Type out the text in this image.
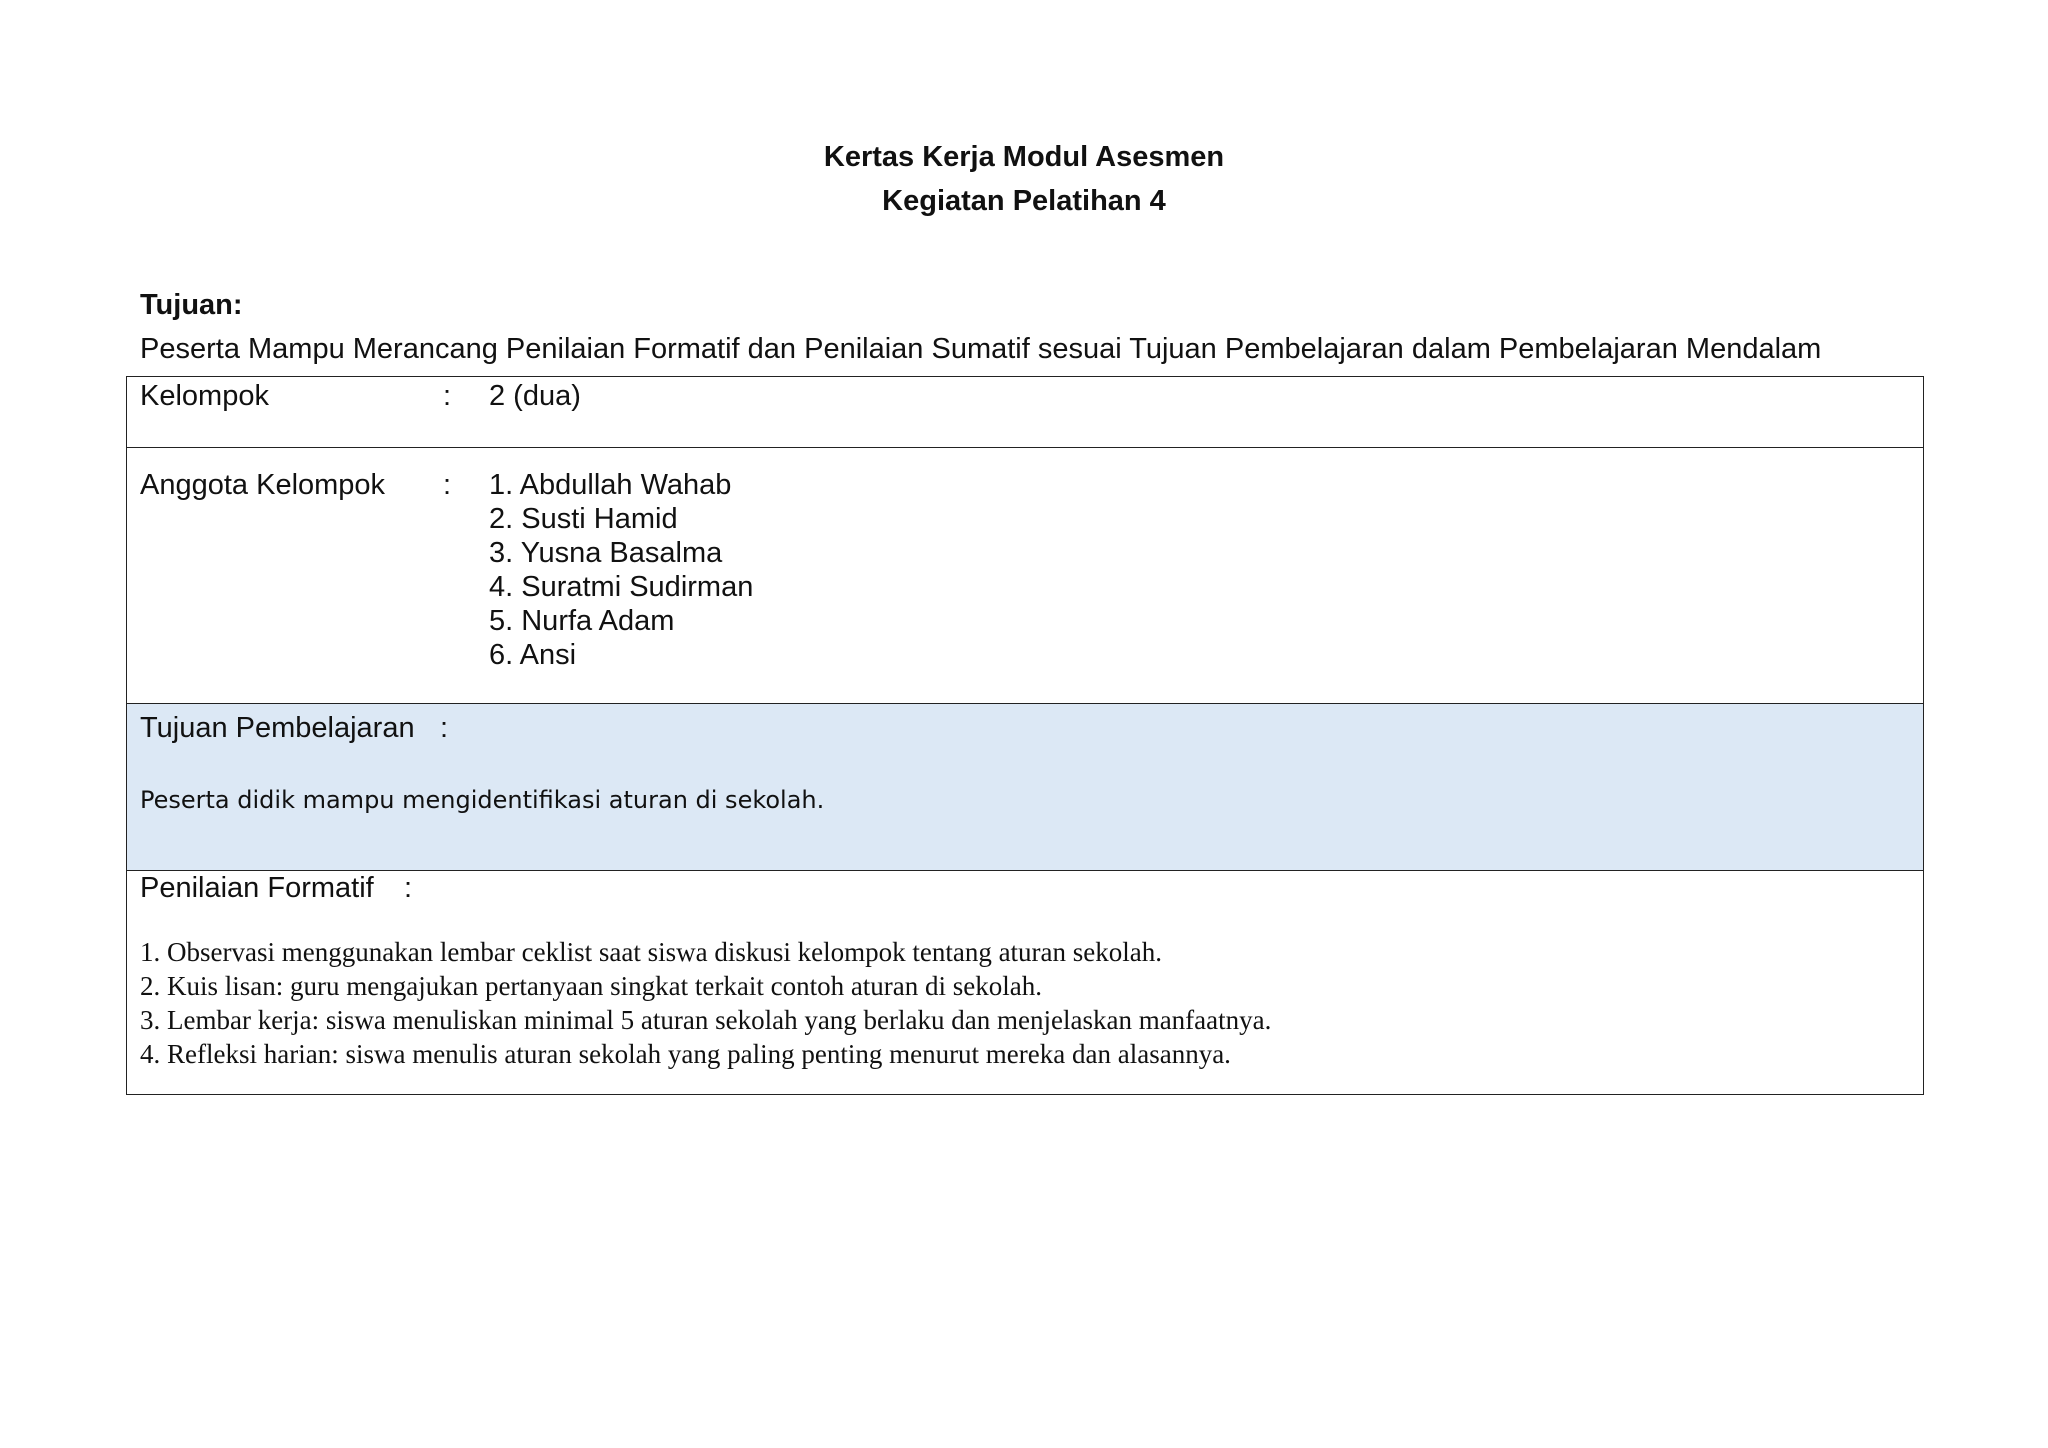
Kertas Kerja Modul Asesmen
Kegiatan Pelatihan 4
Tujuan:
Peserta Mampu Merancang Penilaian Formatif dan Penilaian Sumatif sesuai Tujuan Pembelajaran dalam Pembelajaran Mendalam
Kelompok	: 2 (dua)
Anggota Kelompok : 1. Abdullah Wahab
2. Susti Hamid
3. Yusna Basalma
4. Suratmi Sudirman
5. Nurfa Adam
6. Ansi
Tujuan Pembelajaran :
Peserta didik mampu mengidentifikasi aturan di sekolah.
Penilaian Formatif :
1. Observasi menggunakan lembar ceklist saat siswa diskusi kelompok tentang aturan sekolah.
2. Kuis lisan: guru mengajukan pertanyaan singkat terkait contoh aturan di sekolah.
3. Lembar kerja: siswa menuliskan minimal 5 aturan sekolah yang berlaku dan menjelaskan manfaatnya.
4. Refleksi harian: siswa menulis aturan sekolah yang paling penting menurut mereka dan alasannya.
